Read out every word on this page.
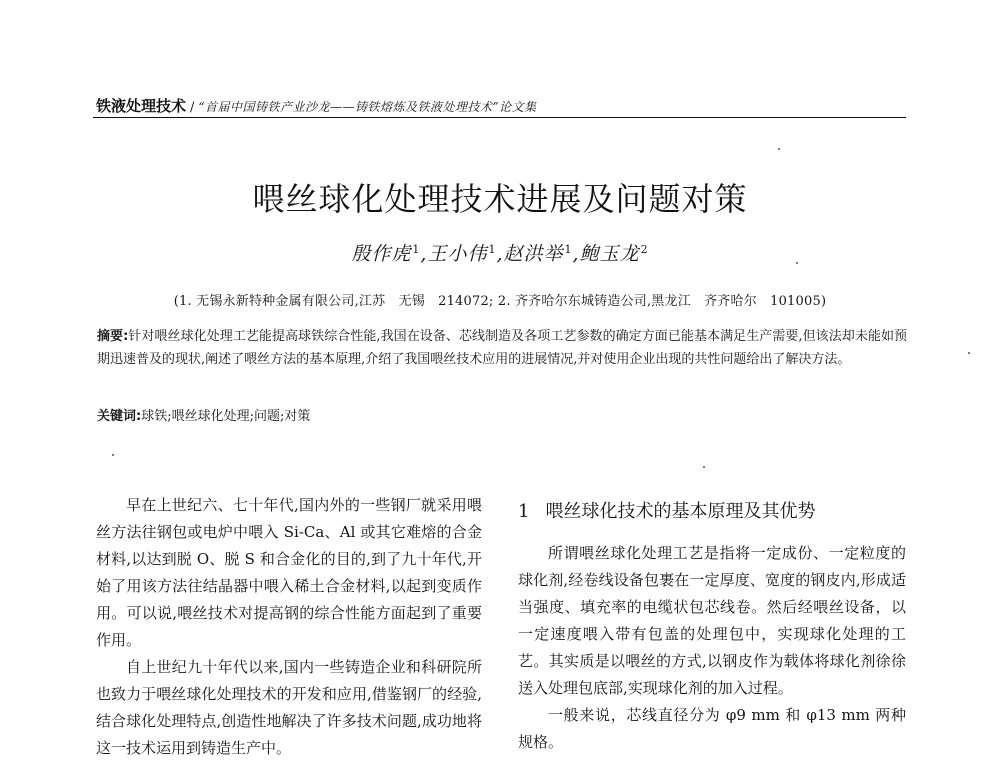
铁液处理技术 / “首届中国铸铁产业沙龙——铸铁熔炼及铁液处理技术”论文集
喂丝球化处理技术进展及问题对策
殷作虎$^1$,王小伟$^1$,赵洪举$^1$,鲍玉龙$^2$
(1. 无锡永新特种金属有限公司,江苏　无锡　214072; 2. 齐齐哈尔东城铸造公司,黑龙江　齐齐哈尔　101005)
摘要:针对喂丝球化处理工艺能提高球铁综合性能,我国在设备、芯线制造及各项工艺参数的确定方面已能基本满足生产需要,但该法却未能如预期迅速普及的现状,阐述了喂丝方法的基本原理,介绍了我国喂丝技术应用的进展情况,并对使用企业出现的共性问题给出了解决方法。
关键词:球铁;喂丝球化处理;问题;对策

早在上世纪六、七十年代,国内外的一些钢厂就采用喂丝方法往钢包或电炉中喂入 Si-Ca、Al 或其它难熔的合金材料,以达到脱 O、脱 S 和合金化的目的,到了九十年代,开始了用该方法往结晶器中喂入稀土合金材料,以起到变质作用。可以说,喂丝技术对提高钢的综合性能方面起到了重要作用。

自上世纪九十年代以来,国内一些铸造企业和科研院所也致力于喂丝球化处理技术的开发和应用,借鉴钢厂的经验,结合球化处理特点,创造性地解决了许多技术问题,成功地将这一技术运用到铸造生产中。

1 喂丝球化技术的基本原理及其优势

所谓喂丝球化处理工艺是指将一定成份、一定粒度的球化剂,经卷线设备包裹在一定厚度、宽度的钢皮内,形成适当强度、填充率的电缆状包芯线卷。然后经喂丝设备，以一定速度喂入带有包盖的处理包中，实现球化处理的工艺。其实质是以喂丝的方式,以钢皮作为载体将球化剂徐徐送入处理包底部,实现球化剂的加入过程。

一般来说，芯线直径分为 φ9 mm 和 φ13 mm 两种规格。
